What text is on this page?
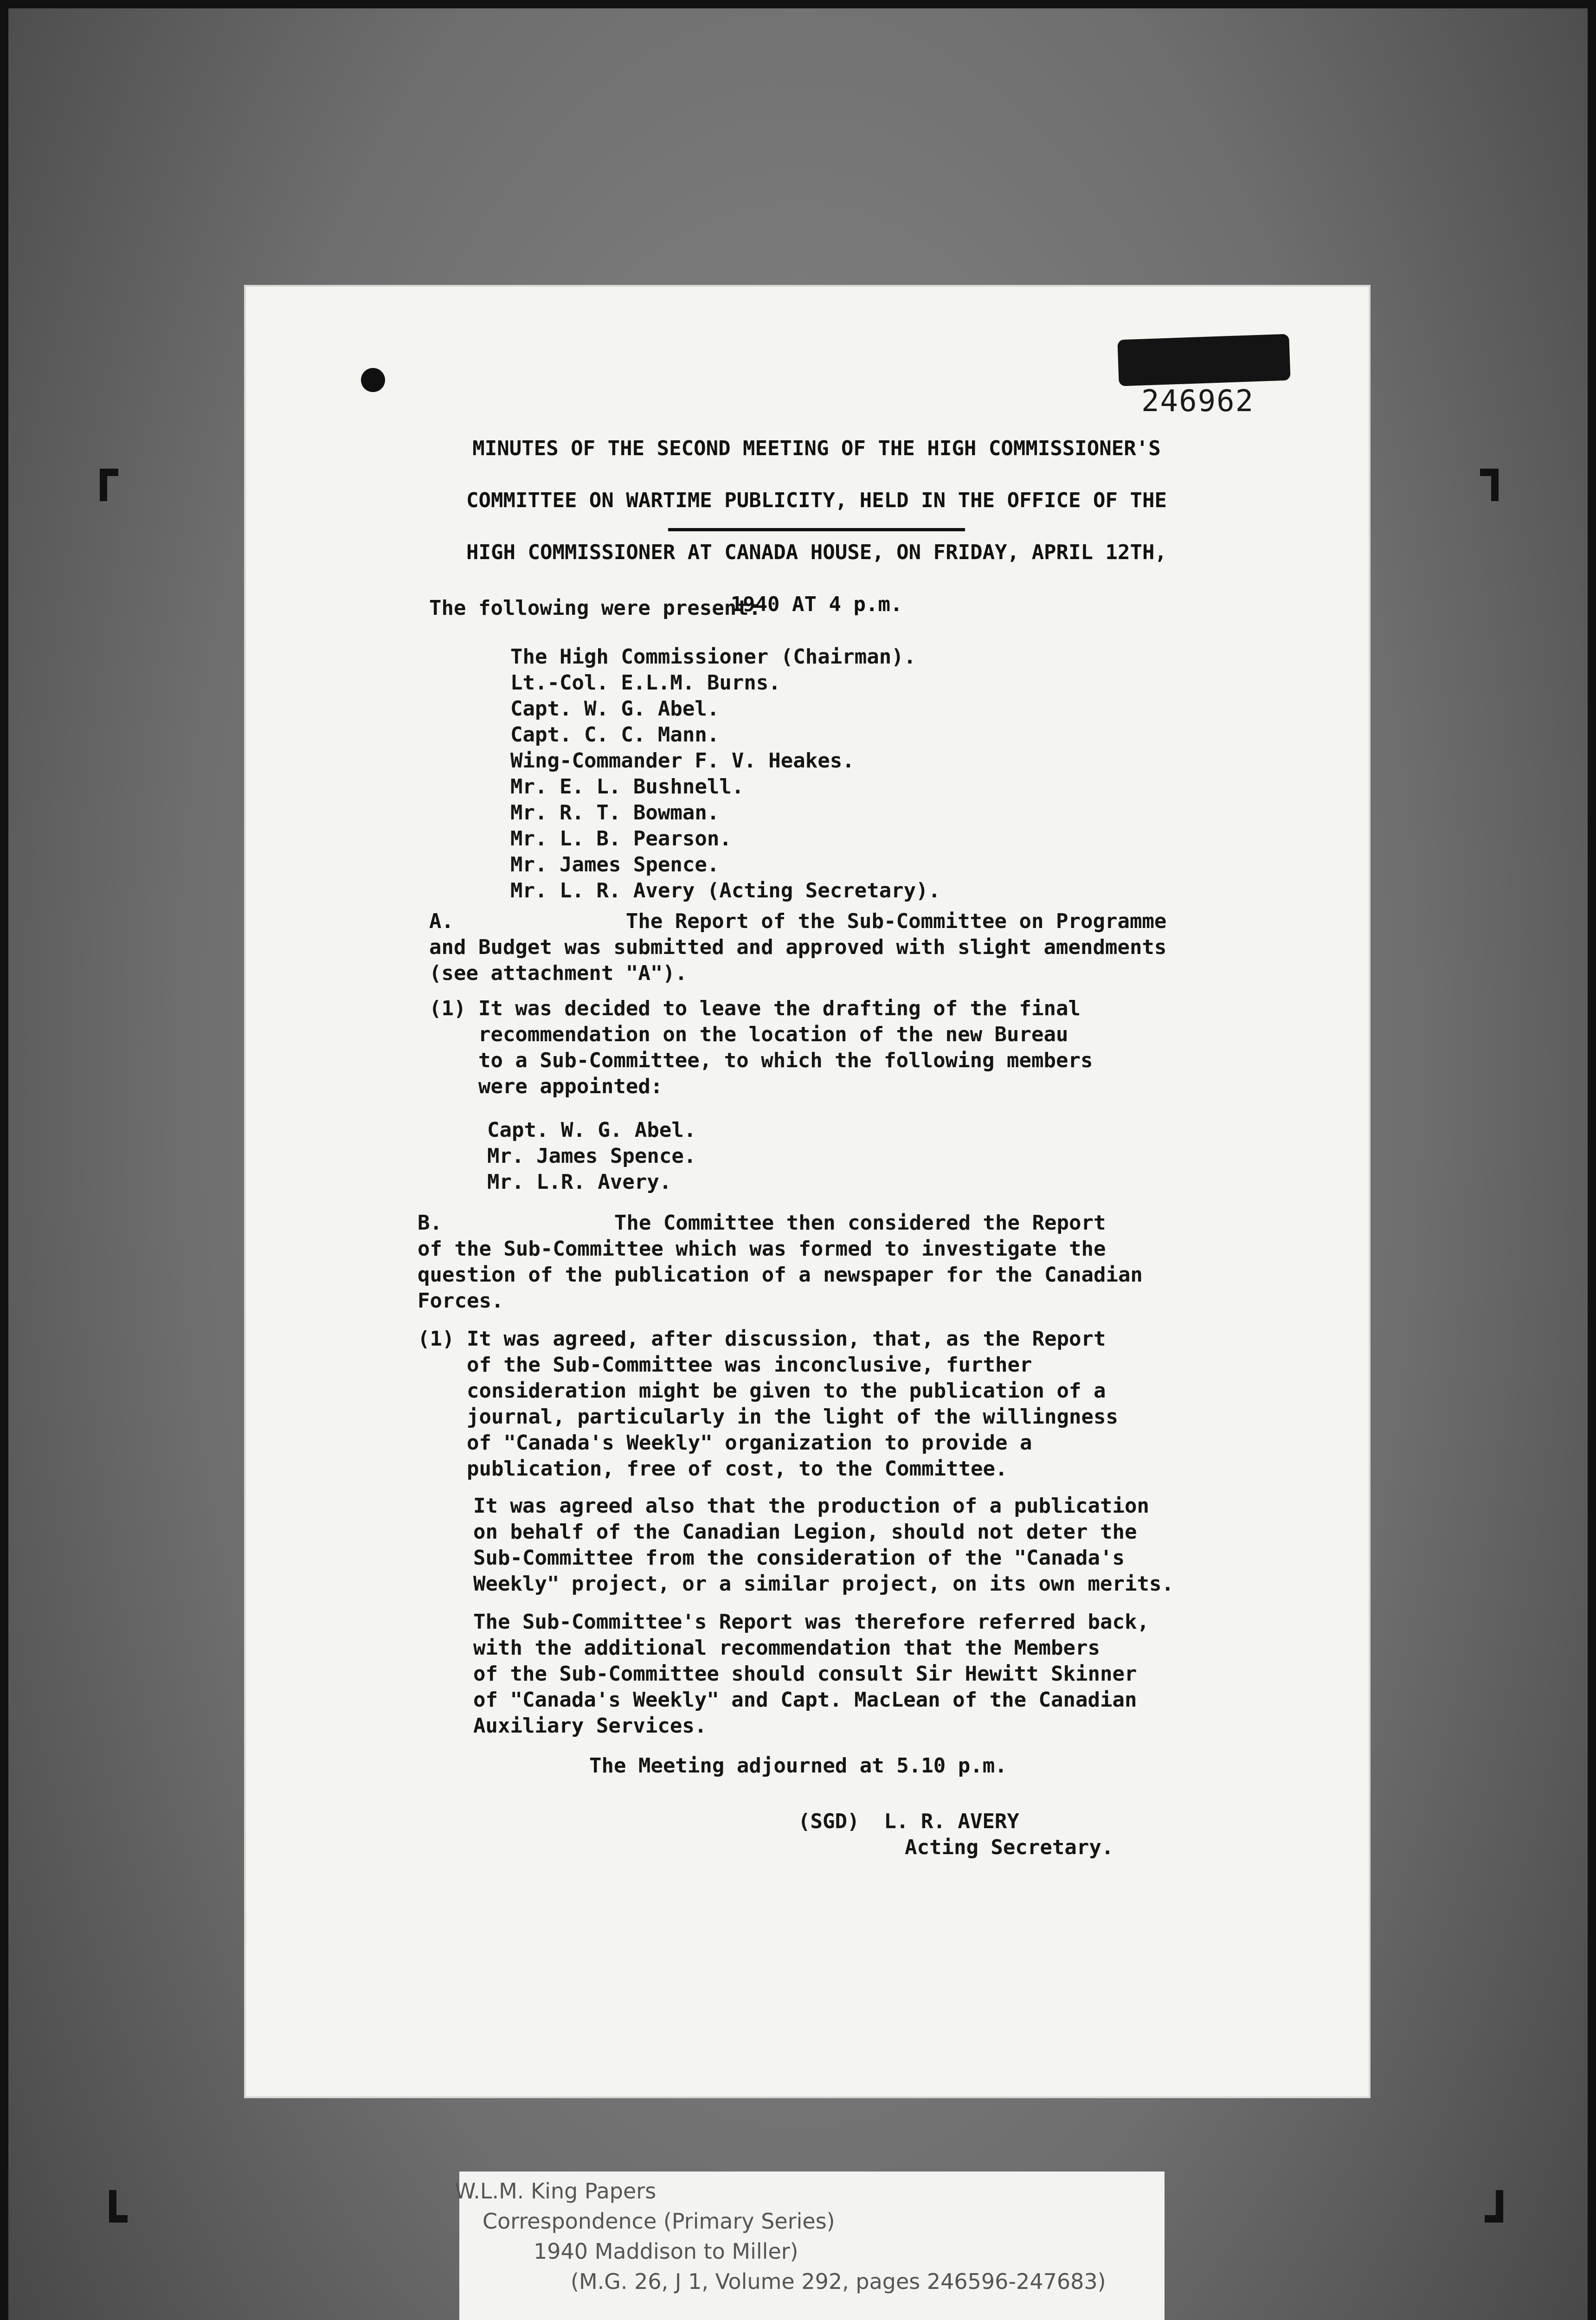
246962

MINUTES OF THE SECOND MEETING OF THE HIGH COMMISSIONER'S

COMMITTEE ON WARTIME PUBLICITY, HELD IN THE OFFICE OF THE

HIGH COMMISSIONER AT CANADA HOUSE, ON FRIDAY, APRIL 12TH,

1940 AT 4 p.m.

The following were present:
The High Commissioner (Chairman).
Lt.-Col. E.L.M. Burns.
Capt. W. G. Abel.
Capt. C. C. Mann.
Wing-Commander F. V. Heakes.
Mr. E. L. Bushnell.
Mr. R. T. Bowman.
Mr. L. B. Pearson.
Mr. James Spence.
Mr. L. R. Avery (Acting Secretary).
A.              The Report of the Sub-Committee on Programme
and Budget was submitted and approved with slight amendments
(see attachment "A").
(1) It was decided to leave the drafting of the final
recommendation on the location of the new Bureau
to a Sub-Committee, to which the following members
were appointed:
Capt. W. G. Abel.
Mr. James Spence.
Mr. L.R. Avery.
B.              The Committee then considered the Report
of the Sub-Committee which was formed to investigate the
question of the publication of a newspaper for the Canadian
Forces.
(1) It was agreed, after discussion, that, as the Report
of the Sub-Committee was inconclusive, further
consideration might be given to the publication of a
journal, particularly in the light of the willingness
of "Canada's Weekly" organization to provide a
publication, free of cost, to the Committee.
It was agreed also that the production of a publication
on behalf of the Canadian Legion, should not deter the
Sub-Committee from the consideration of the "Canada's
Weekly" project, or a similar project, on its own merits.
The Sub-Committee's Report was therefore referred back,
with the additional recommendation that the Members
of the Sub-Committee should consult Sir Hewitt Skinner
of "Canada's Weekly" and Capt. MacLean of the Canadian
Auxiliary Services.
The Meeting adjourned at 5.10 p.m.
(SGD)  L. R. AVERY
Acting Secretary.
W.L.M. King Papers
Correspondence (Primary Series)
1940 Maddison to Miller)
(M.G. 26, J 1, Volume 292, pages 246596-247683)
